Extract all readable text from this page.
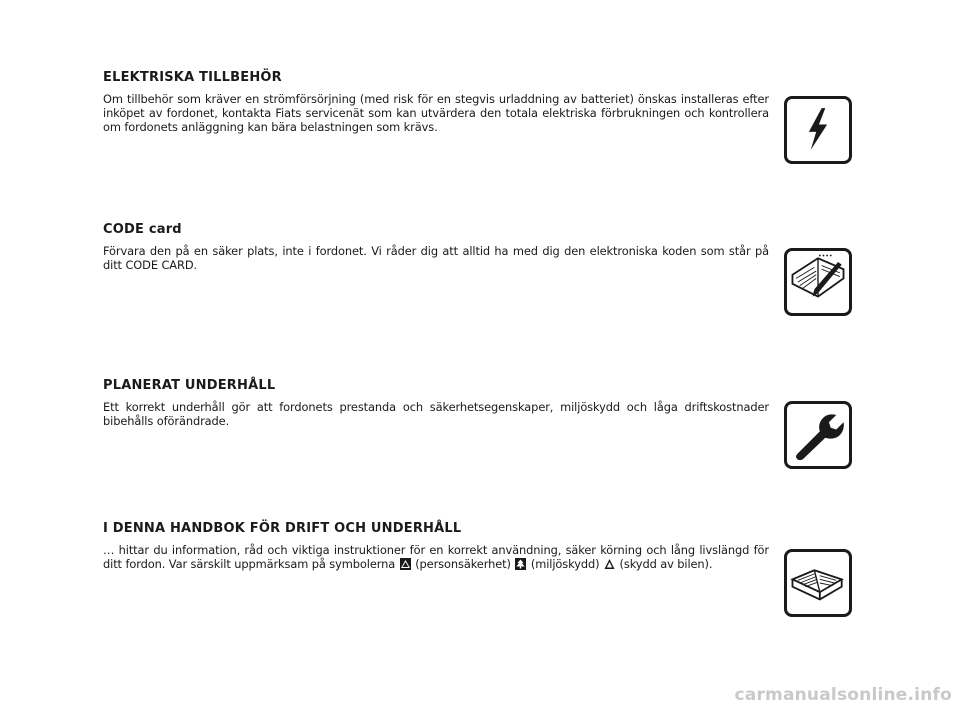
ELEKTRISKA TILLBEHÖR

Om tillbehör som kräver en strömförsörjning (med risk för en stegvis urladdning av batteriet) önskas installeras efter inköpet av fordonet, kontakta Fiats servicenät som kan utvärdera den totala elektriska förbrukningen och kontrollera om fordonets anläggning kan bära belastningen som krävs.

CODE card

Förvara den på en säker plats, inte i fordonet. Vi råder dig att alltid ha med dig den elektroniska koden som står på ditt CODE CARD.

PLANERAT UNDERHÅLL

Ett korrekt underhåll gör att fordonets prestanda och säkerhetsegenskaper, miljöskydd och låga driftskostnader bibehålls oförändrade.

I DENNA HANDBOK FÖR DRIFT OCH UNDERHÅLL

… hittar du information, råd och viktiga instruktioner för en korrekt användning, säker körning och lång livslängd för ditt fordon. Var särskilt uppmärksam på symbolerna (personsäkerhet) (miljöskydd) (skydd av bilen).

carmanualsonline.info
